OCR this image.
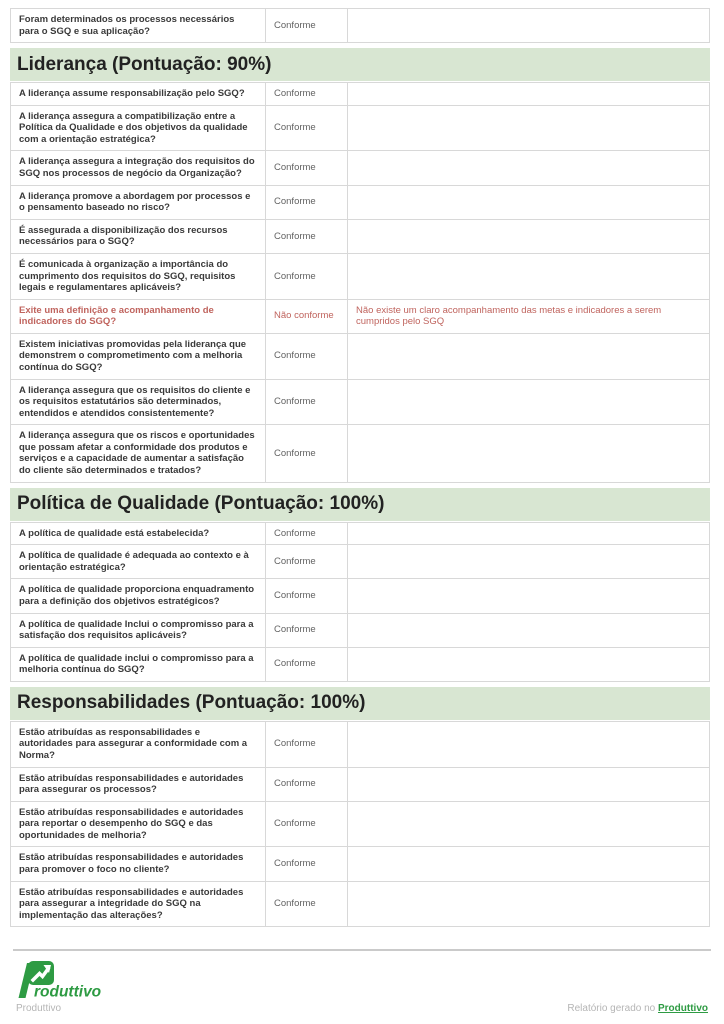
Foram determinados os processos necessários para o SGQ e sua aplicação?	Conforme	
Liderança (Pontuação: 90%)
A liderança assume responsabilização pelo SGQ?	Conforme	
A liderança assegura a compatibilização entre a Política da Qualidade e dos objetivos da qualidade com a orientação estratégica?	Conforme	
A liderança assegura a integração dos requisitos do SGQ nos processos de negócio da Organização?	Conforme	
A liderança promove a abordagem por processos e o pensamento baseado no risco?	Conforme	
É assegurada a disponibilização dos recursos necessários para o SGQ?	Conforme	
É comunicada à organização a importância do cumprimento dos requisitos do SGQ, requisitos legais e regulamentares aplicáveis?	Conforme	
Exite uma definição e acompanhamento de indicadores do SGQ?	Não conforme	Não existe um claro acompanhamento das metas e indicadores a serem cumpridos pelo SGQ
Existem iniciativas promovidas pela liderança que demonstrem o comprometimento com a melhoria contínua do SGQ?	Conforme	
A liderança assegura que os requisitos do cliente e os requisitos estatutários são determinados, entendidos e atendidos consistentemente?	Conforme	
A liderança assegura que os riscos e oportunidades que possam afetar a conformidade dos produtos e serviços e a capacidade de aumentar a satisfação do cliente são determinados e tratados?	Conforme	
Política de Qualidade (Pontuação: 100%)
A política de qualidade está estabelecida?	Conforme	
A política de qualidade é adequada ao contexto e à orientação estratégica?	Conforme	
A política de qualidade proporciona enquadramento para a definição dos objetivos estratégicos?	Conforme	
A política de qualidade Inclui o compromisso para a satisfação dos requisitos aplicáveis?	Conforme	
A política de qualidade inclui o compromisso para a melhoria contínua do SGQ?	Conforme	
Responsabilidades (Pontuação: 100%)
Estão atribuídas as responsabilidades e autoridades para assegurar a conformidade com a Norma?	Conforme	
Estão atribuídas responsabilidades e autoridades para assegurar os processos?	Conforme	
Estão atribuídas responsabilidades e autoridades para reportar o desempenho do SGQ e das oportunidades de melhoria?	Conforme	
Estão atribuídas responsabilidades e autoridades para promover o foco no cliente?	Conforme	
Estão atribuídas responsabilidades e autoridades para assegurar a integridade do SGQ na implementação das alterações?	Conforme	
roduttivo
Produttivo	Relatório gerado no Produttivo
